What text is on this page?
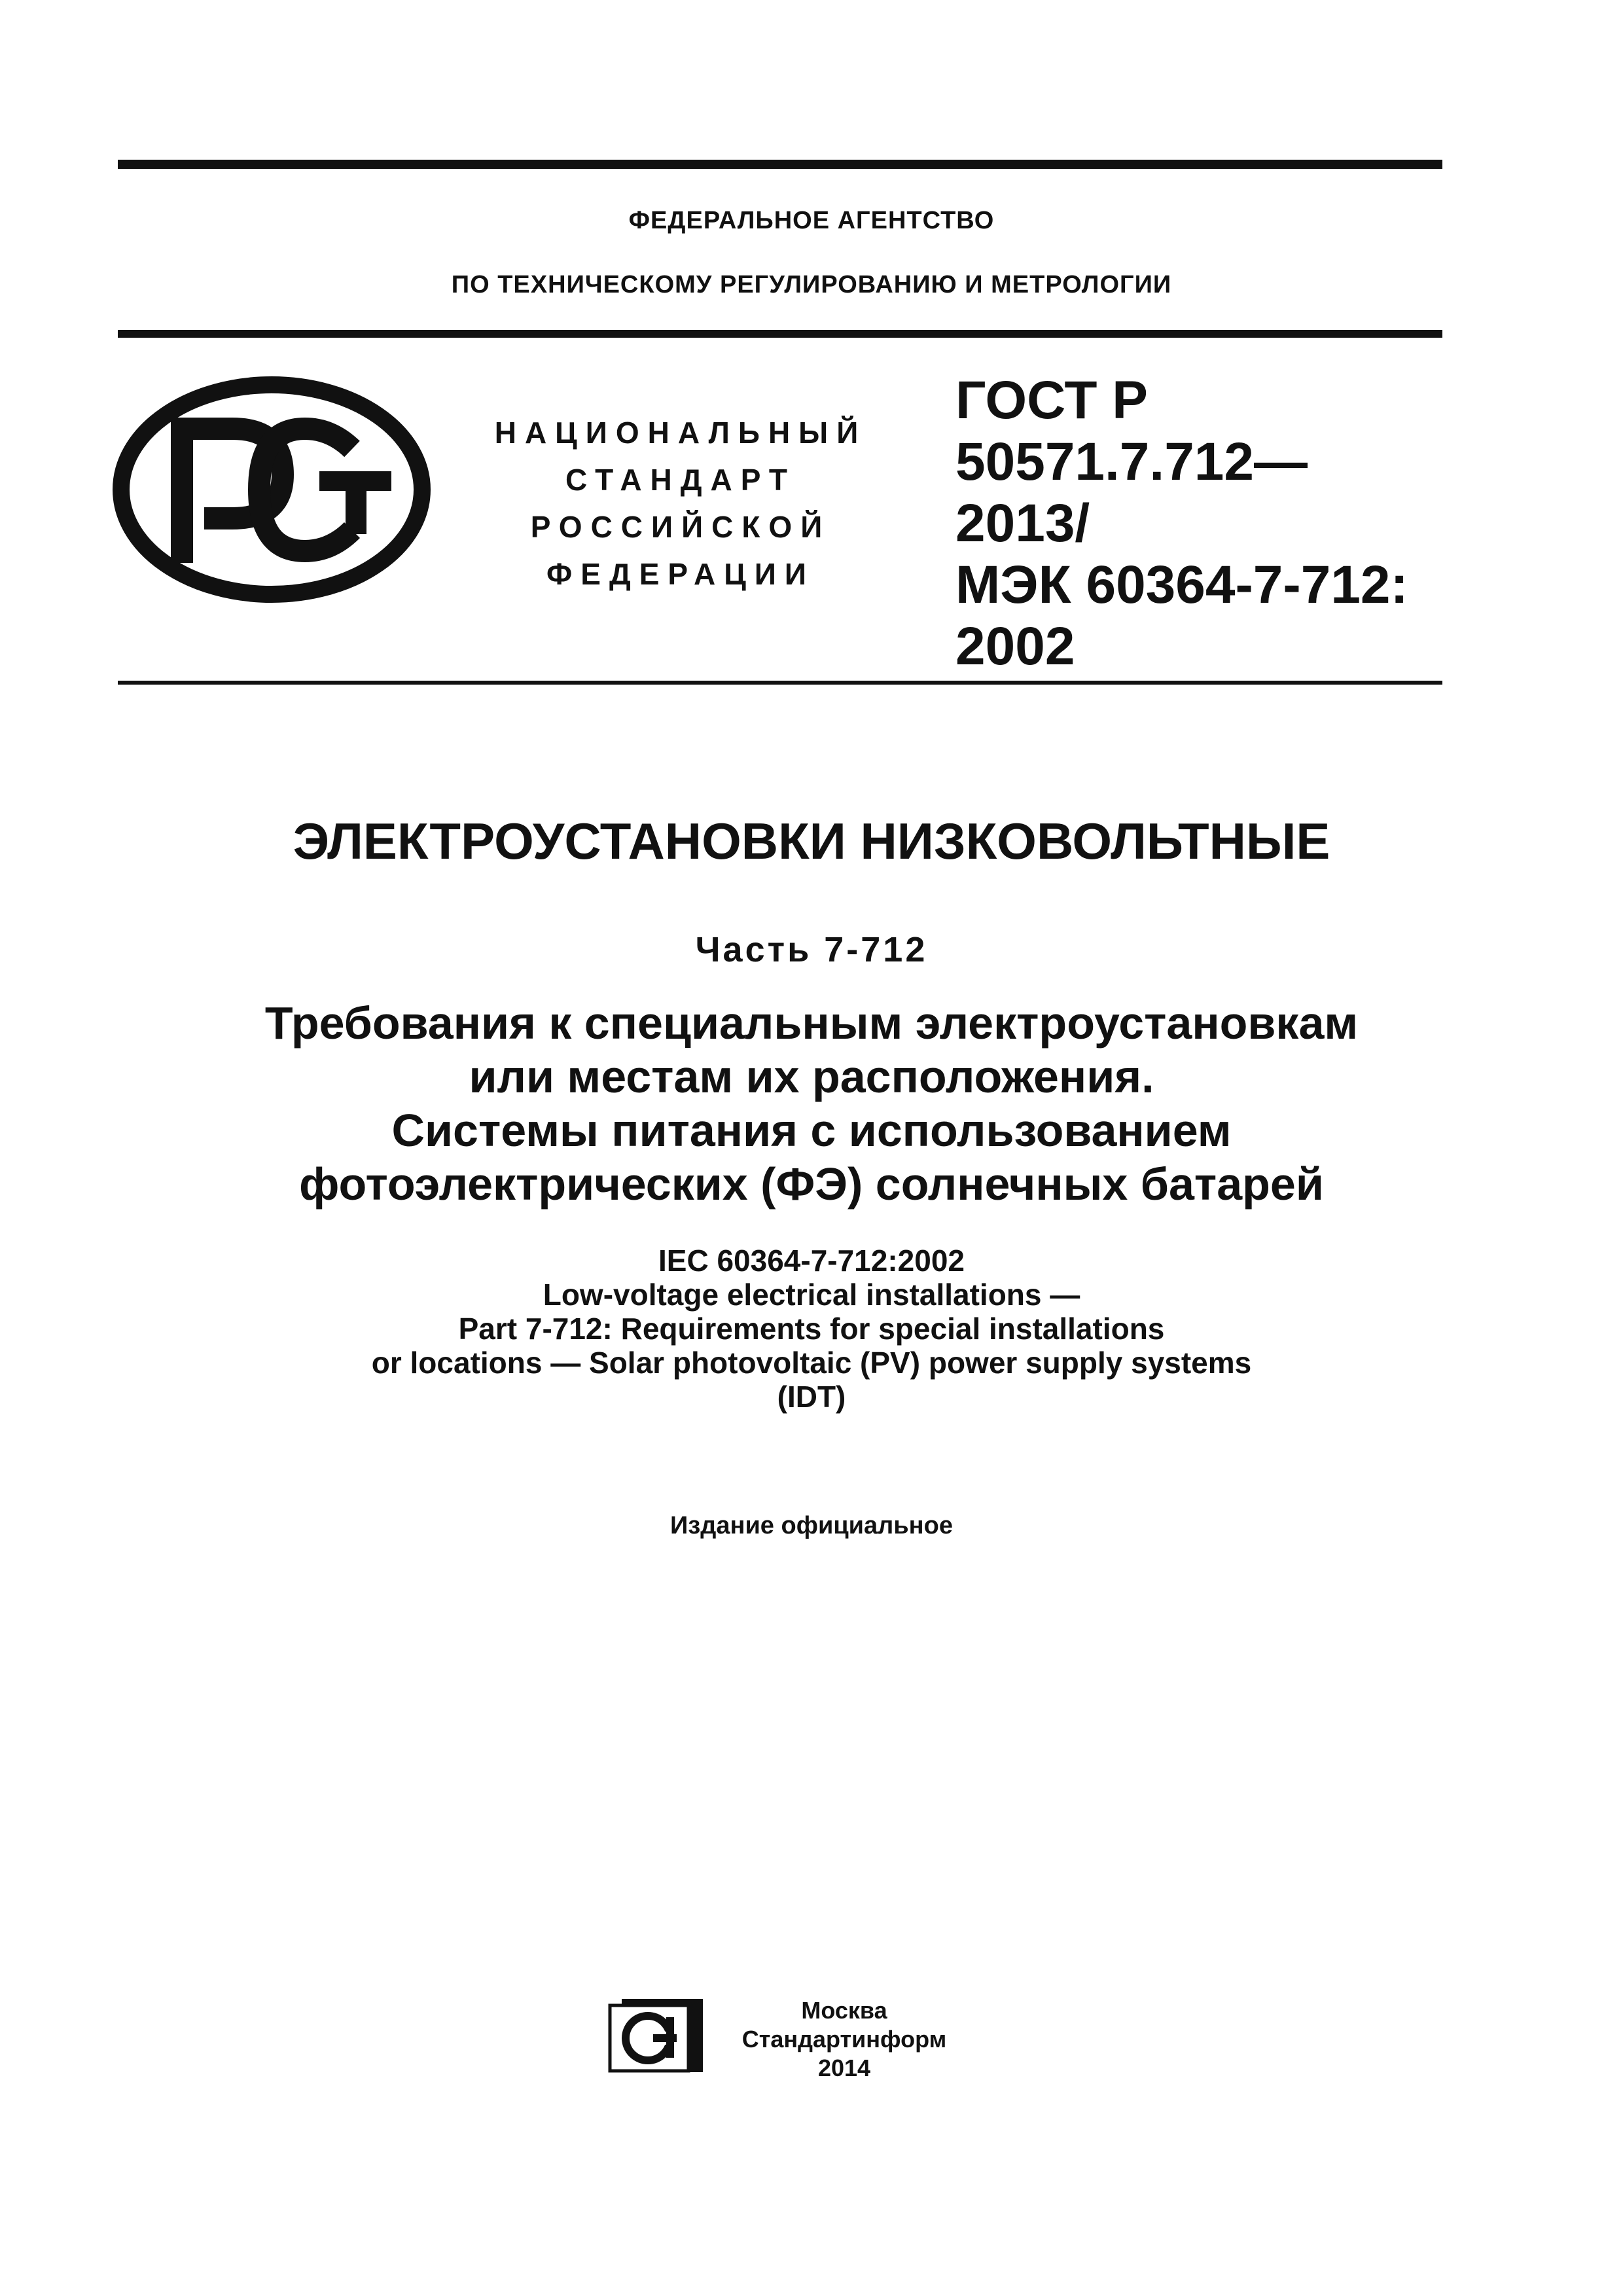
ФЕДЕРАЛЬНОЕ АГЕНТСТВО
ПО ТЕХНИЧЕСКОМУ РЕГУЛИРОВАНИЮ И МЕТРОЛОГИИ
НАЦИОНАЛЬНЫЙ
СТАНДАРТ
РОССИЙСКОЙ
ФЕДЕРАЦИИ
ГОСТ Р
50571.7.712—
2013/
МЭК 60364-7-712:
2002
ЭЛЕКТРОУСТАНОВКИ НИЗКОВОЛЬТНЫЕ
Часть 7-712
Требования к специальным электроустановкам
или местам их расположения.
Системы питания с использованием
фотоэлектрических (ФЭ) солнечных батарей
IEC 60364-7-712:2002
Low-voltage electrical installations —
Part 7-712: Requirements for special installations
or locations — Solar photovoltaic (PV) power supply systems
(IDT)
Издание официальное
Москва
Стандартинформ
2014
